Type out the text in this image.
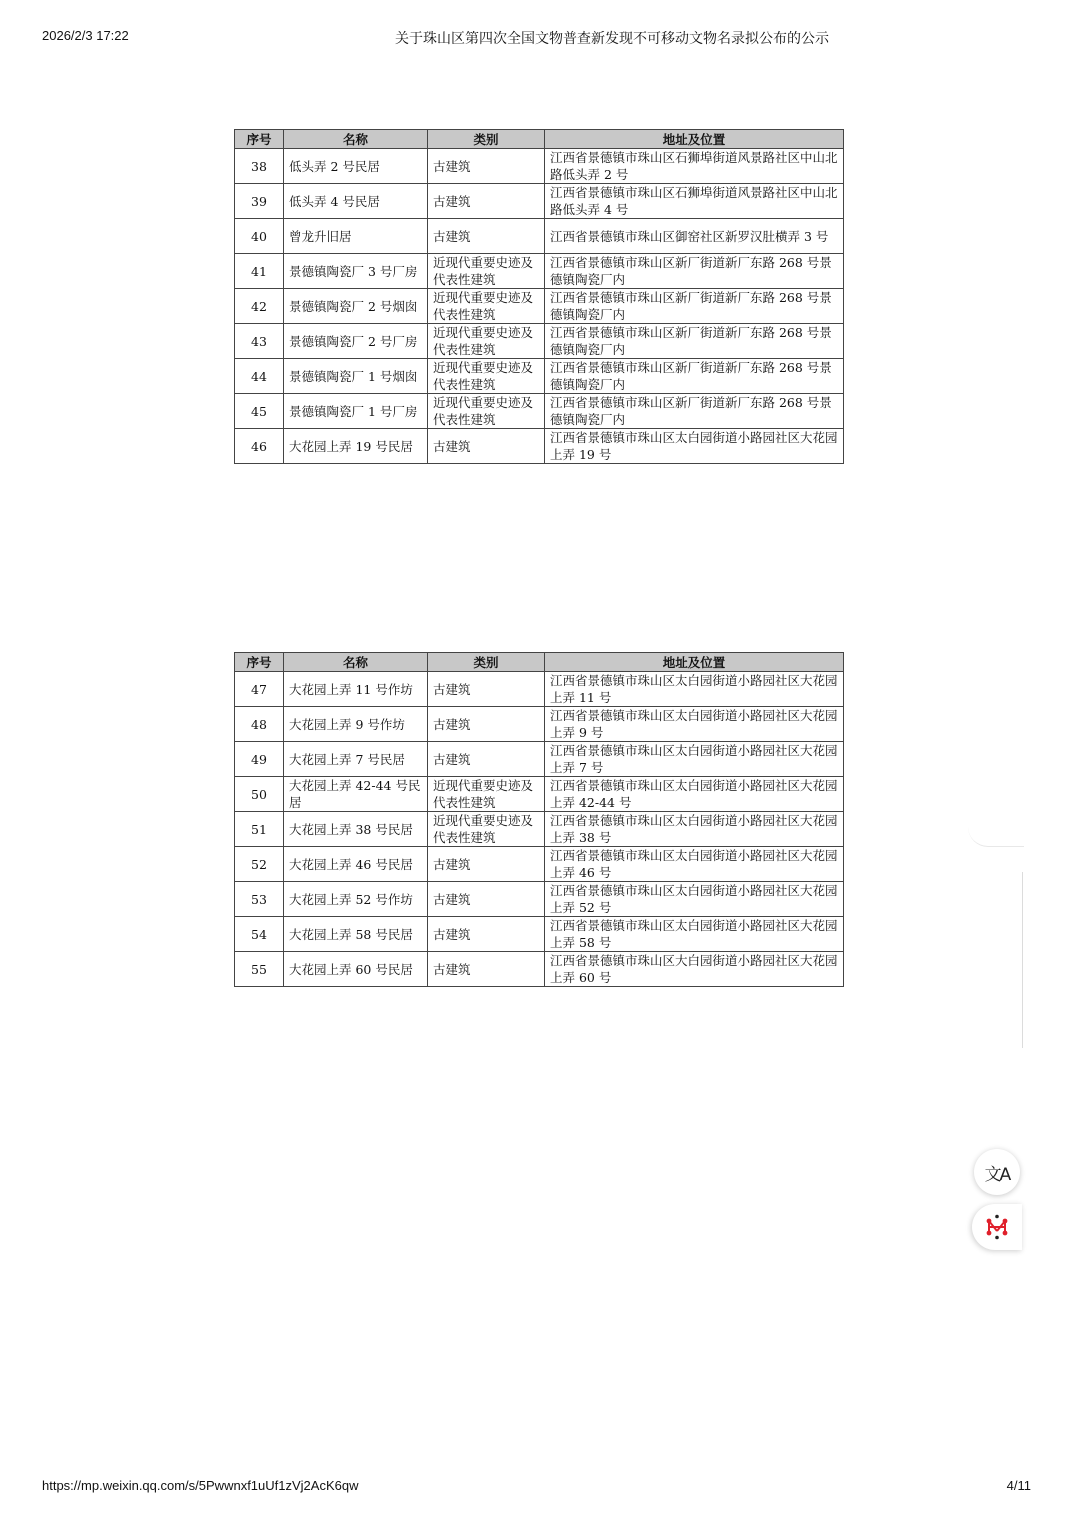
2026/2/3 17:22	关于珠山区第四次全国文物普查新发现不可移动文物名录拟公布的公示
序号	名称	类别	地址及位置
38	低头弄 2 号民居	古建筑	江西省景德镇市珠山区石狮埠街道风景路社区中山北路低头弄 2 号
39	低头弄 4 号民居	古建筑	江西省景德镇市珠山区石狮埠街道风景路社区中山北路低头弄 4 号
40	曾龙升旧居	古建筑	江西省景德镇市珠山区御窑社区新罗汉肚横弄 3 号
41	景德镇陶瓷厂 3 号厂房	近现代重要史迹及代表性建筑	江西省景德镇市珠山区新厂街道新厂东路 268 号景德镇陶瓷厂内
42	景德镇陶瓷厂 2 号烟囱	近现代重要史迹及代表性建筑	江西省景德镇市珠山区新厂街道新厂东路 268 号景德镇陶瓷厂内
43	景德镇陶瓷厂 2 号厂房	近现代重要史迹及代表性建筑	江西省景德镇市珠山区新厂街道新厂东路 268 号景德镇陶瓷厂内
44	景德镇陶瓷厂 1 号烟囱	近现代重要史迹及代表性建筑	江西省景德镇市珠山区新厂街道新厂东路 268 号景德镇陶瓷厂内
45	景德镇陶瓷厂 1 号厂房	近现代重要史迹及代表性建筑	江西省景德镇市珠山区新厂街道新厂东路 268 号景德镇陶瓷厂内
46	大花园上弄 19 号民居	古建筑	江西省景德镇市珠山区太白园街道小路园社区大花园上弄 19 号
序号	名称	类别	地址及位置
47	大花园上弄 11 号作坊	古建筑	江西省景德镇市珠山区太白园街道小路园社区大花园上弄 11 号
48	大花园上弄 9 号作坊	古建筑	江西省景德镇市珠山区太白园街道小路园社区大花园上弄 9 号
49	大花园上弄 7 号民居	古建筑	江西省景德镇市珠山区太白园街道小路园社区大花园上弄 7 号
50	大花园上弄 42-44 号民居	近现代重要史迹及代表性建筑	江西省景德镇市珠山区太白园街道小路园社区大花园上弄 42-44 号
51	大花园上弄 38 号民居	近现代重要史迹及代表性建筑	江西省景德镇市珠山区太白园街道小路园社区大花园上弄 38 号
52	大花园上弄 46 号民居	古建筑	江西省景德镇市珠山区太白园街道小路园社区大花园上弄 46 号
53	大花园上弄 52 号作坊	古建筑	江西省景德镇市珠山区太白园街道小路园社区大花园上弄 52 号
54	大花园上弄 58 号民居	古建筑	江西省景德镇市珠山区太白园街道小路园社区大花园上弄 58 号
55	大花园上弄 60 号民居	古建筑	江西省景德镇市珠山区大白园街道小路园社区大花园上弄 60 号
文A
https://mp.weixin.qq.com/s/5Pwwnxf1uUf1zVj2AcK6qw	4/11
